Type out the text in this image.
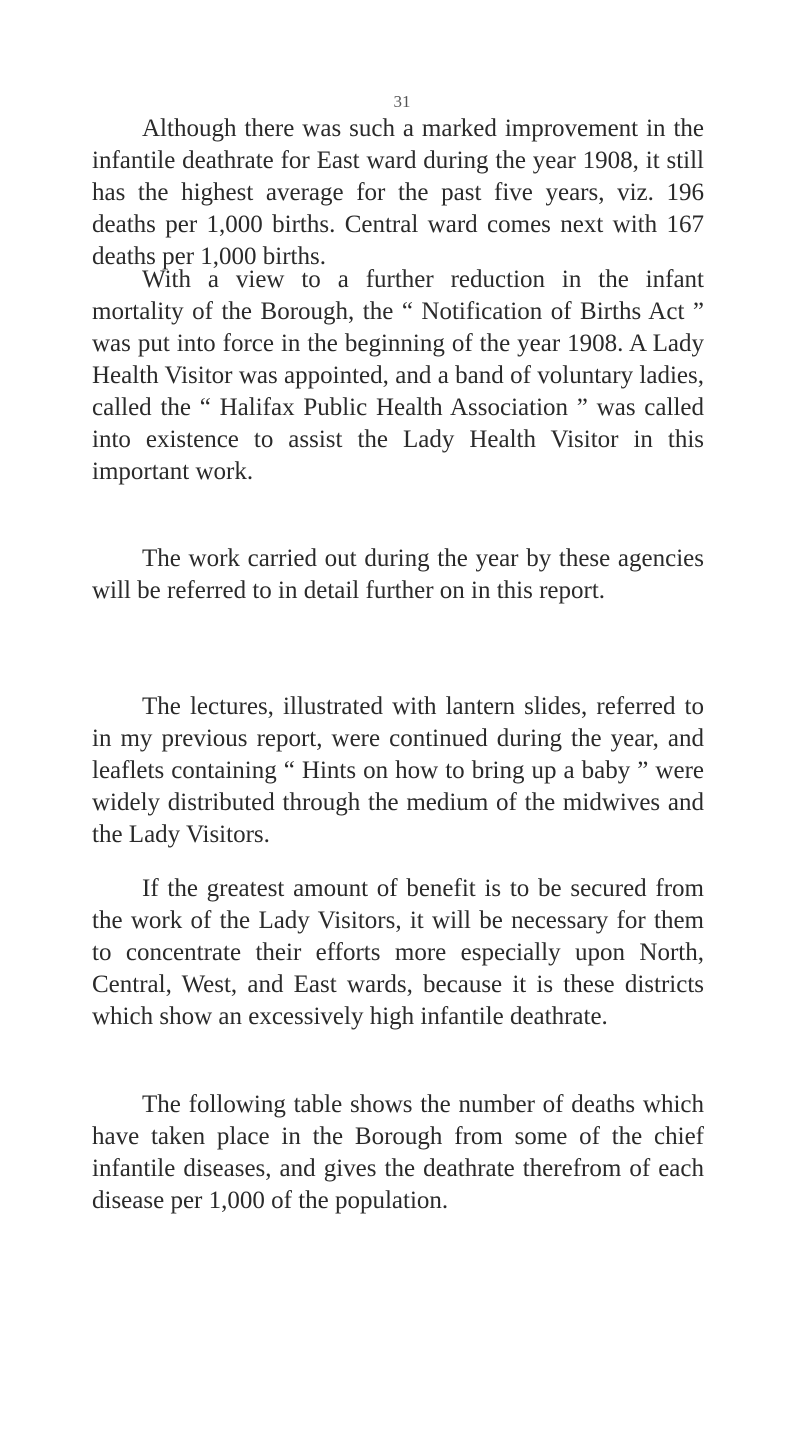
31

Although there was such a marked improvement in the infantile deathrate for East ward during the year 1908, it still has the highest average for the past five years, viz. 196 deaths per 1,000 births. Central ward comes next with 167 deaths per 1,000 births.

With a view to a further reduction in the infant mortality of the Borough, the “ Notification of Births Act ” was put into force in the beginning of the year 1908. A Lady Health Visitor was appointed, and a band of voluntary ladies, called the “ Halifax Public Health Association ” was called into existence to assist the Lady Health Visitor in this important work.

The work carried out during the year by these agencies will be referred to in detail further on in this report.

The lectures, illustrated with lantern slides, referred to in my previous report, were continued during the year, and leaflets containing “ Hints on how to bring up a baby ” were widely distributed through the medium of the midwives and the Lady Visitors.

If the greatest amount of benefit is to be secured from the work of the Lady Visitors, it will be necessary for them to concentrate their efforts more especially upon North, Central, West, and East wards, because it is these districts which show an excessively high infantile deathrate.

The following table shows the number of deaths which have taken place in the Borough from some of the chief infantile diseases, and gives the deathrate therefrom of each disease per 1,000 of the population.
